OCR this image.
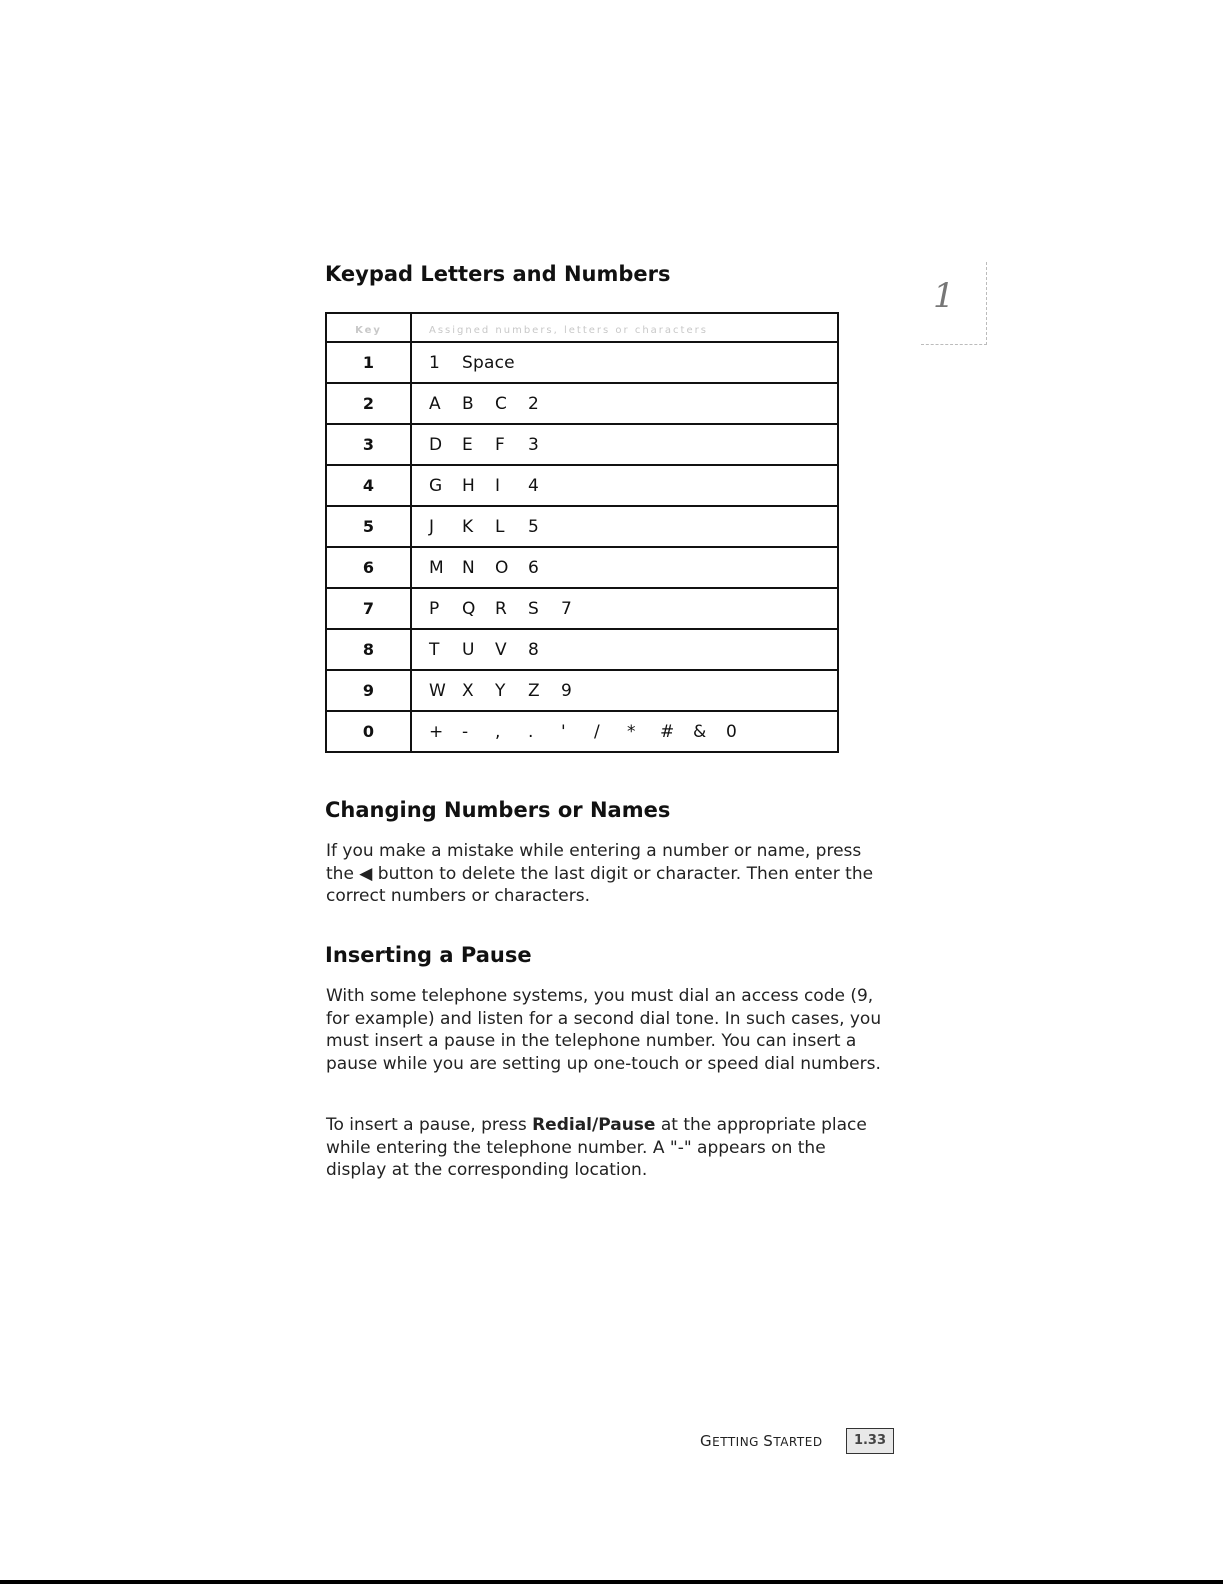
Keypad Letters and Numbers
Key	Assigned numbers, letters or characters
1	1 Space
2	A B C 2
3	D E F 3
4	G H I 4
5	J K L 5
6	M N O 6
7	P Q R S 7
8	T U V 8
9	W X Y Z 9
0	+ - , . ' / * # & 0
Changing Numbers or Names

If you make a mistake while entering a number or name, press the ◀ button to delete the last digit or character. Then enter the correct numbers or characters.

Inserting a Pause

With some telephone systems, you must dial an access code (9, for example) and listen for a second dial tone. In such cases, you must insert a pause in the telephone number. You can insert a pause while you are setting up one-touch or speed dial numbers.

To insert a pause, press Redial/Pause at the appropriate place while entering the telephone number. A "-" appears on the display at the corresponding location.

1
GETTING STARTED	1.33
